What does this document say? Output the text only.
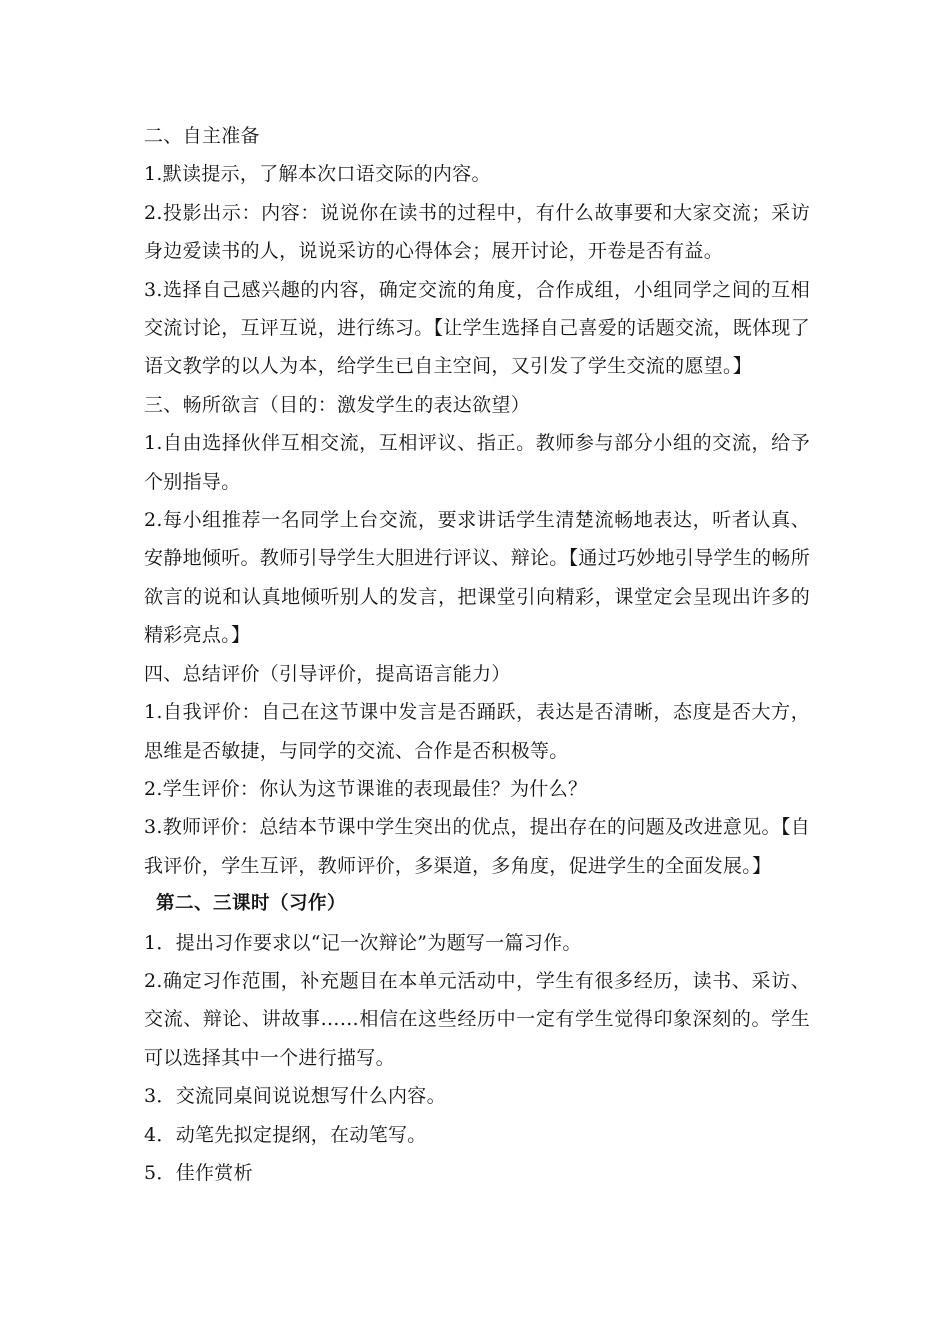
二、自主准备

1.默读提示，了解本次口语交际的内容。

2.投影出示：内容：说说你在读书的过程中，有什么故事要和大家交流；采访身边爱读书的人，说说采访的心得体会；展开讨论，开卷是否有益。

3.选择自己感兴趣的内容，确定交流的角度，合作成组，小组同学之间的互相交流讨论，互评互说，进行练习。【让学生选择自己喜爱的话题交流，既体现了语文教学的以人为本，给学生已自主空间，又引发了学生交流的愿望。】

三、畅所欲言（目的：激发学生的表达欲望）

1.自由选择伙伴互相交流，互相评议、指正。教师参与部分小组的交流，给予个别指导。

2.每小组推荐一名同学上台交流，要求讲话学生清楚流畅地表达，听者认真、安静地倾听。教师引导学生大胆进行评议、辩论。【通过巧妙地引导学生的畅所欲言的说和认真地倾听别人的发言，把课堂引向精彩，课堂定会呈现出许多的精彩亮点。】

四、总结评价（引导评价，提高语言能力）

1.自我评价：自己在这节课中发言是否踊跃，表达是否清晰，态度是否大方，思维是否敏捷，与同学的交流、合作是否积极等。

2.学生评价：你认为这节课谁的表现最佳？为什么？

3.教师评价：总结本节课中学生突出的优点，提出存在的问题及改进意见。【自我评价，学生互评，教师评价，多渠道，多角度，促进学生的全面发展。】

第二、三课时（习作）

1．提出习作要求以“记一次辩论”为题写一篇习作。

2.确定习作范围，补充题目在本单元活动中，学生有很多经历，读书、采访、交流、辩论、讲故事……相信在这些经历中一定有学生觉得印象深刻的。学生可以选择其中一个进行描写。

3．交流同桌间说说想写什么内容。

4．动笔先拟定提纲，在动笔写。

5．佳作赏析
